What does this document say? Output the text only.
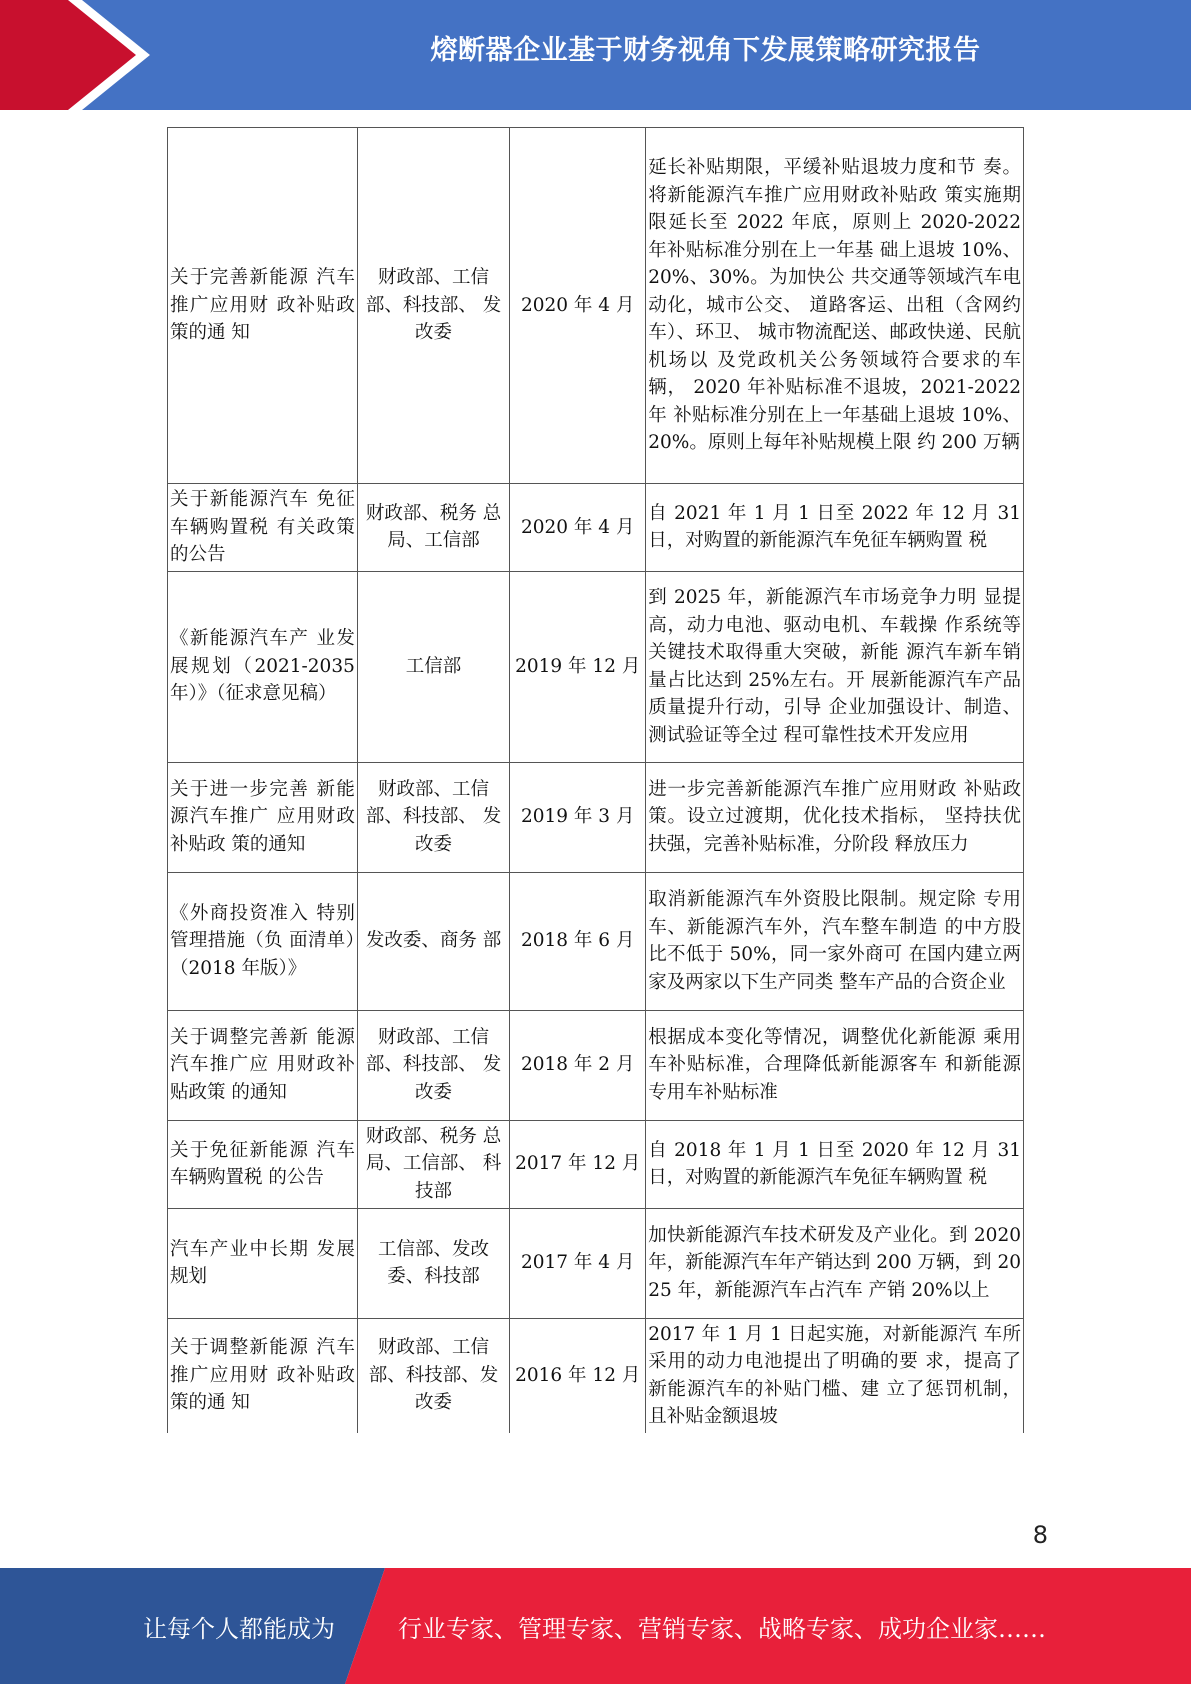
熔断器企业基于财务视角下发展策略研究报告
关于完善新能源 汽车推广应用财 政补贴政策的通 知	财政部、工信部、科技部、 发改委	2020 年 4 月	延长补贴期限，平缓补贴退坡力度和节 奏。将新能源汽车推广应用财政补贴政 策实施期限延长至 2022 年底，原则上 2020-2022 年补贴标准分别在上一年基 础上退坡 10%、20%、30%。为加快公 共交通等领域汽车电动化，城市公交、 道路客运、出租（含网约车）、环卫、 城市物流配送、邮政快递、民航机场以 及党政机关公务领域符合要求的车辆， 2020 年补贴标准不退坡，2021-2022 年 补贴标准分别在上一年基础上退坡 10%、20%。原则上每年补贴规模上限 约 200 万辆
关于新能源汽车 免征车辆购置税 有关政策的公告	财政部、税务 总局、工信部	2020 年 4 月	自 2021 年 1 月 1 日至 2022 年 12 月 31 日，对购置的新能源汽车免征车辆购置 税
《新能源汽车产 业发展规划（2021-2035 年）》（征求意见稿）	工信部	2019 年 12 月	到 2025 年，新能源汽车市场竞争力明 显提高，动力电池、驱动电机、车载操 作系统等关键技术取得重大突破，新能 源汽车新车销量占比达到 25%左右。开 展新能源汽车产品质量提升行动，引导 企业加强设计、制造、测试验证等全过 程可靠性技术开发应用
关于进一步完善 新能源汽车推广 应用财政补贴政 策的通知	财政部、工信部、科技部、 发改委	2019 年 3 月	进一步完善新能源汽车推广应用财政 补贴政策。设立过渡期，优化技术指标， 坚持扶优扶强，完善补贴标准，分阶段 释放压力
《外商投资准入 特别管理措施（负 面清单）（2018 年版）》	发改委、商务 部	2018 年 6 月	取消新能源汽车外资股比限制。规定除 专用车、新能源汽车外，汽车整车制造 的中方股比不低于 50%，同一家外商可 在国内建立两家及两家以下生产同类 整车产品的合资企业
关于调整完善新 能源汽车推广应 用财政补贴政策 的通知	财政部、工信部、科技部、 发改委	2018 年 2 月	根据成本变化等情况，调整优化新能源 乘用车补贴标准，合理降低新能源客车 和新能源专用车补贴标准
关于免征新能源 汽车车辆购置税 的公告	财政部、税务 总局、工信部、 科技部	2017 年 12 月	自 2018 年 1 月 1 日至 2020 年 12 月 31 日，对购置的新能源汽车免征车辆购置 税
汽车产业中长期 发展规划	工信部、发改委、科技部	2017 年 4 月	加快新能源汽车技术研发及产业化。到 2020 年，新能源汽车年产销达到 200 万辆，到 2025 年，新能源汽车占汽车 产销 20%以上
关于调整新能源 汽车推广应用财 政补贴政策的通 知	财政部、工信部、科技部、发改委	2016 年 12 月	2017 年 1 月 1 日起实施，对新能源汽 车所采用的动力电池提出了明确的要 求，提高了新能源汽车的补贴门槛、建 立了惩罚机制，且补贴金额退坡
8
让每个人都能成为	行业专家、管理专家、营销专家、战略专家、成功企业家……
